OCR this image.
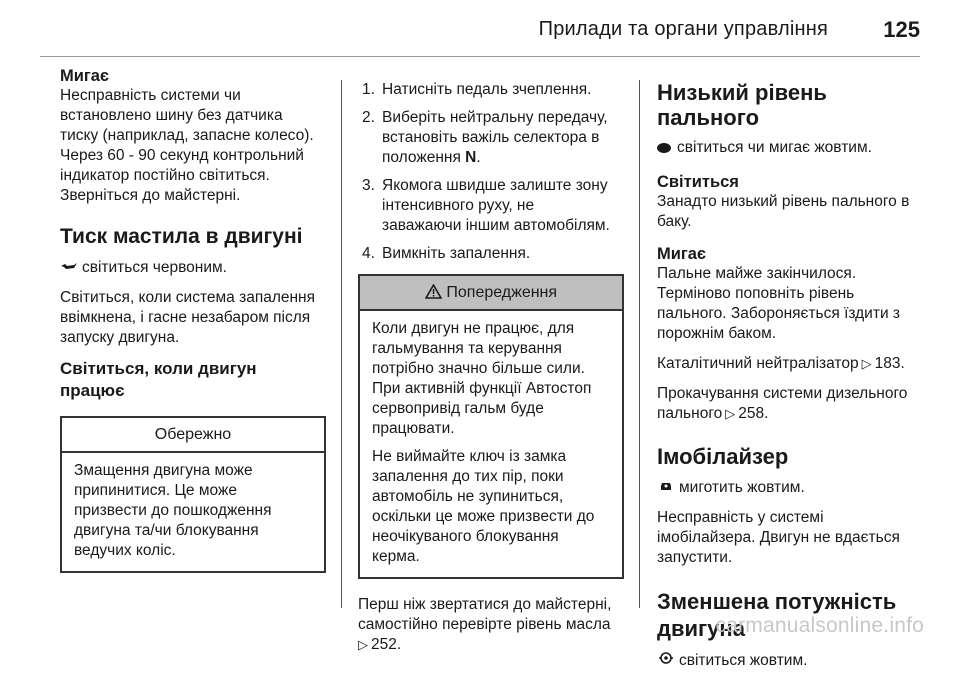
Прилади та органи управління	125

Мигає

Несправність системи чи
встановлено шину без датчика
тиску (наприклад, запасне колесо).
Через 60 - 90 секунд контрольний
індикатор постійно світиться.
Зверніться до майстерні.

Тиск мастила в двигуні

світиться червоним.

Світиться, коли система запалення
ввімкнена, і гасне незабаром після
запуску двигуна.

Світиться, коли двигун
працює
Обережно
Змащення двигуна може
припинитися. Це може
призвести до пошкодження
двигуна та/чи блокування
ведучих коліс.
1. Натисніть педаль зчеплення.
2. Виберіть нейтральну передачу,
встановіть важіль селектора в
положення N.
3. Якомога швидше залиште зону
інтенсивного руху, не
заважаючи іншим автомобілям.
4. Вимкніть запалення.
Попередження

Коли двигун не працює, для
гальмування та керування
потрібно значно більше сили.
При активній функції Автостоп
сервопривід гальм буде
працювати.

Не виймайте ключ із замка
запалення до тих пір, поки
автомобіль не зупиниться,
оскільки це може призвести до
неочікуваного блокування
керма.

Перш ніж звертатися до майстерні,
самостійно перевірте рівень масла
▷ 252.

Низький рівень пального

світиться чи мигає жовтим.

Світиться

Занадто низький рівень пального в
баку.

Мигає

Пальне майже закінчилося.
Терміново поповніть рівень
пального. Забороняється їздити з
порожнім баком.

Каталітичний нейтралізатор ▷ 183.

Прокачування системи дизельного
пального ▷ 258.

Імобілайзер

миготить жовтим.

Несправність у системі
імобілайзера. Двигун не вдається
запустити.

Зменшена потужність
двигуна

світиться жовтим.

carmanualsonline.info
